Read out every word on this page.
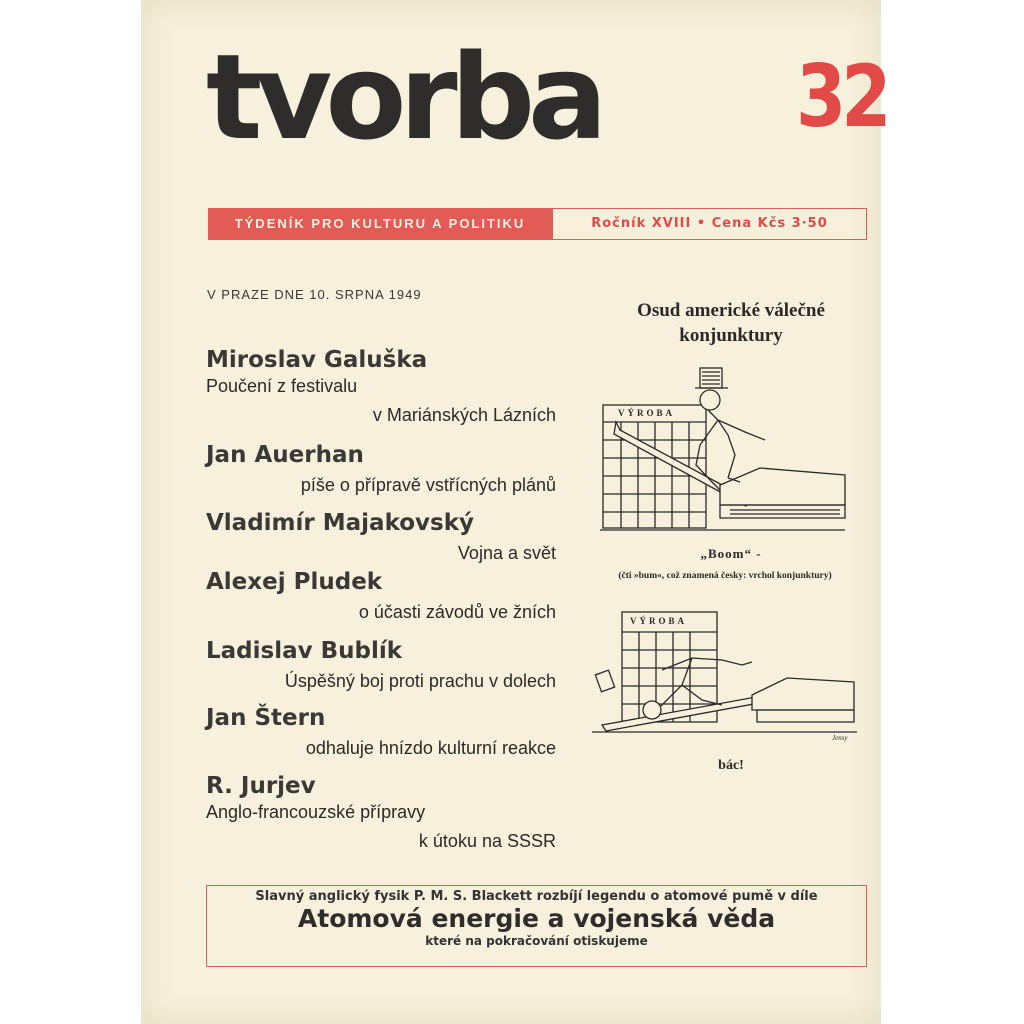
tvorba 32
TÝDENÍK PRO KULTURU A POLITIKU	Ročník XVIII • Cena Kčs 3·50
V PRAZE DNE 10. SRPNA 1949
Miroslav Galuška
Poučení z festivalu
v Mariánských Lázních
Jan Auerhan
píše o přípravě vstřícných plánů
Vladimír Majakovský
Vojna a svět
Alexej Pludek
o účasti závodů ve žních
Ladislav Bublík
Úspěšný boj proti prachu v dolech
Jan Štern
odhaluje hnízdo kulturní reakce
R. Jurjev
Anglo-francouzské přípravy
k útoku na SSSR
Osud americké válečné
konjunktury
VÝROBA
„Boom“ -
(čti »bum«, což znamená česky: vrchol konjunktury)
VÝROBA
Jensy
bác!
Slavný anglický fysik P. M. S. Blackett rozbíjí legendu o atomové pumě v díle
Atomová energie a vojenská věda
které na pokračování otiskujeme
